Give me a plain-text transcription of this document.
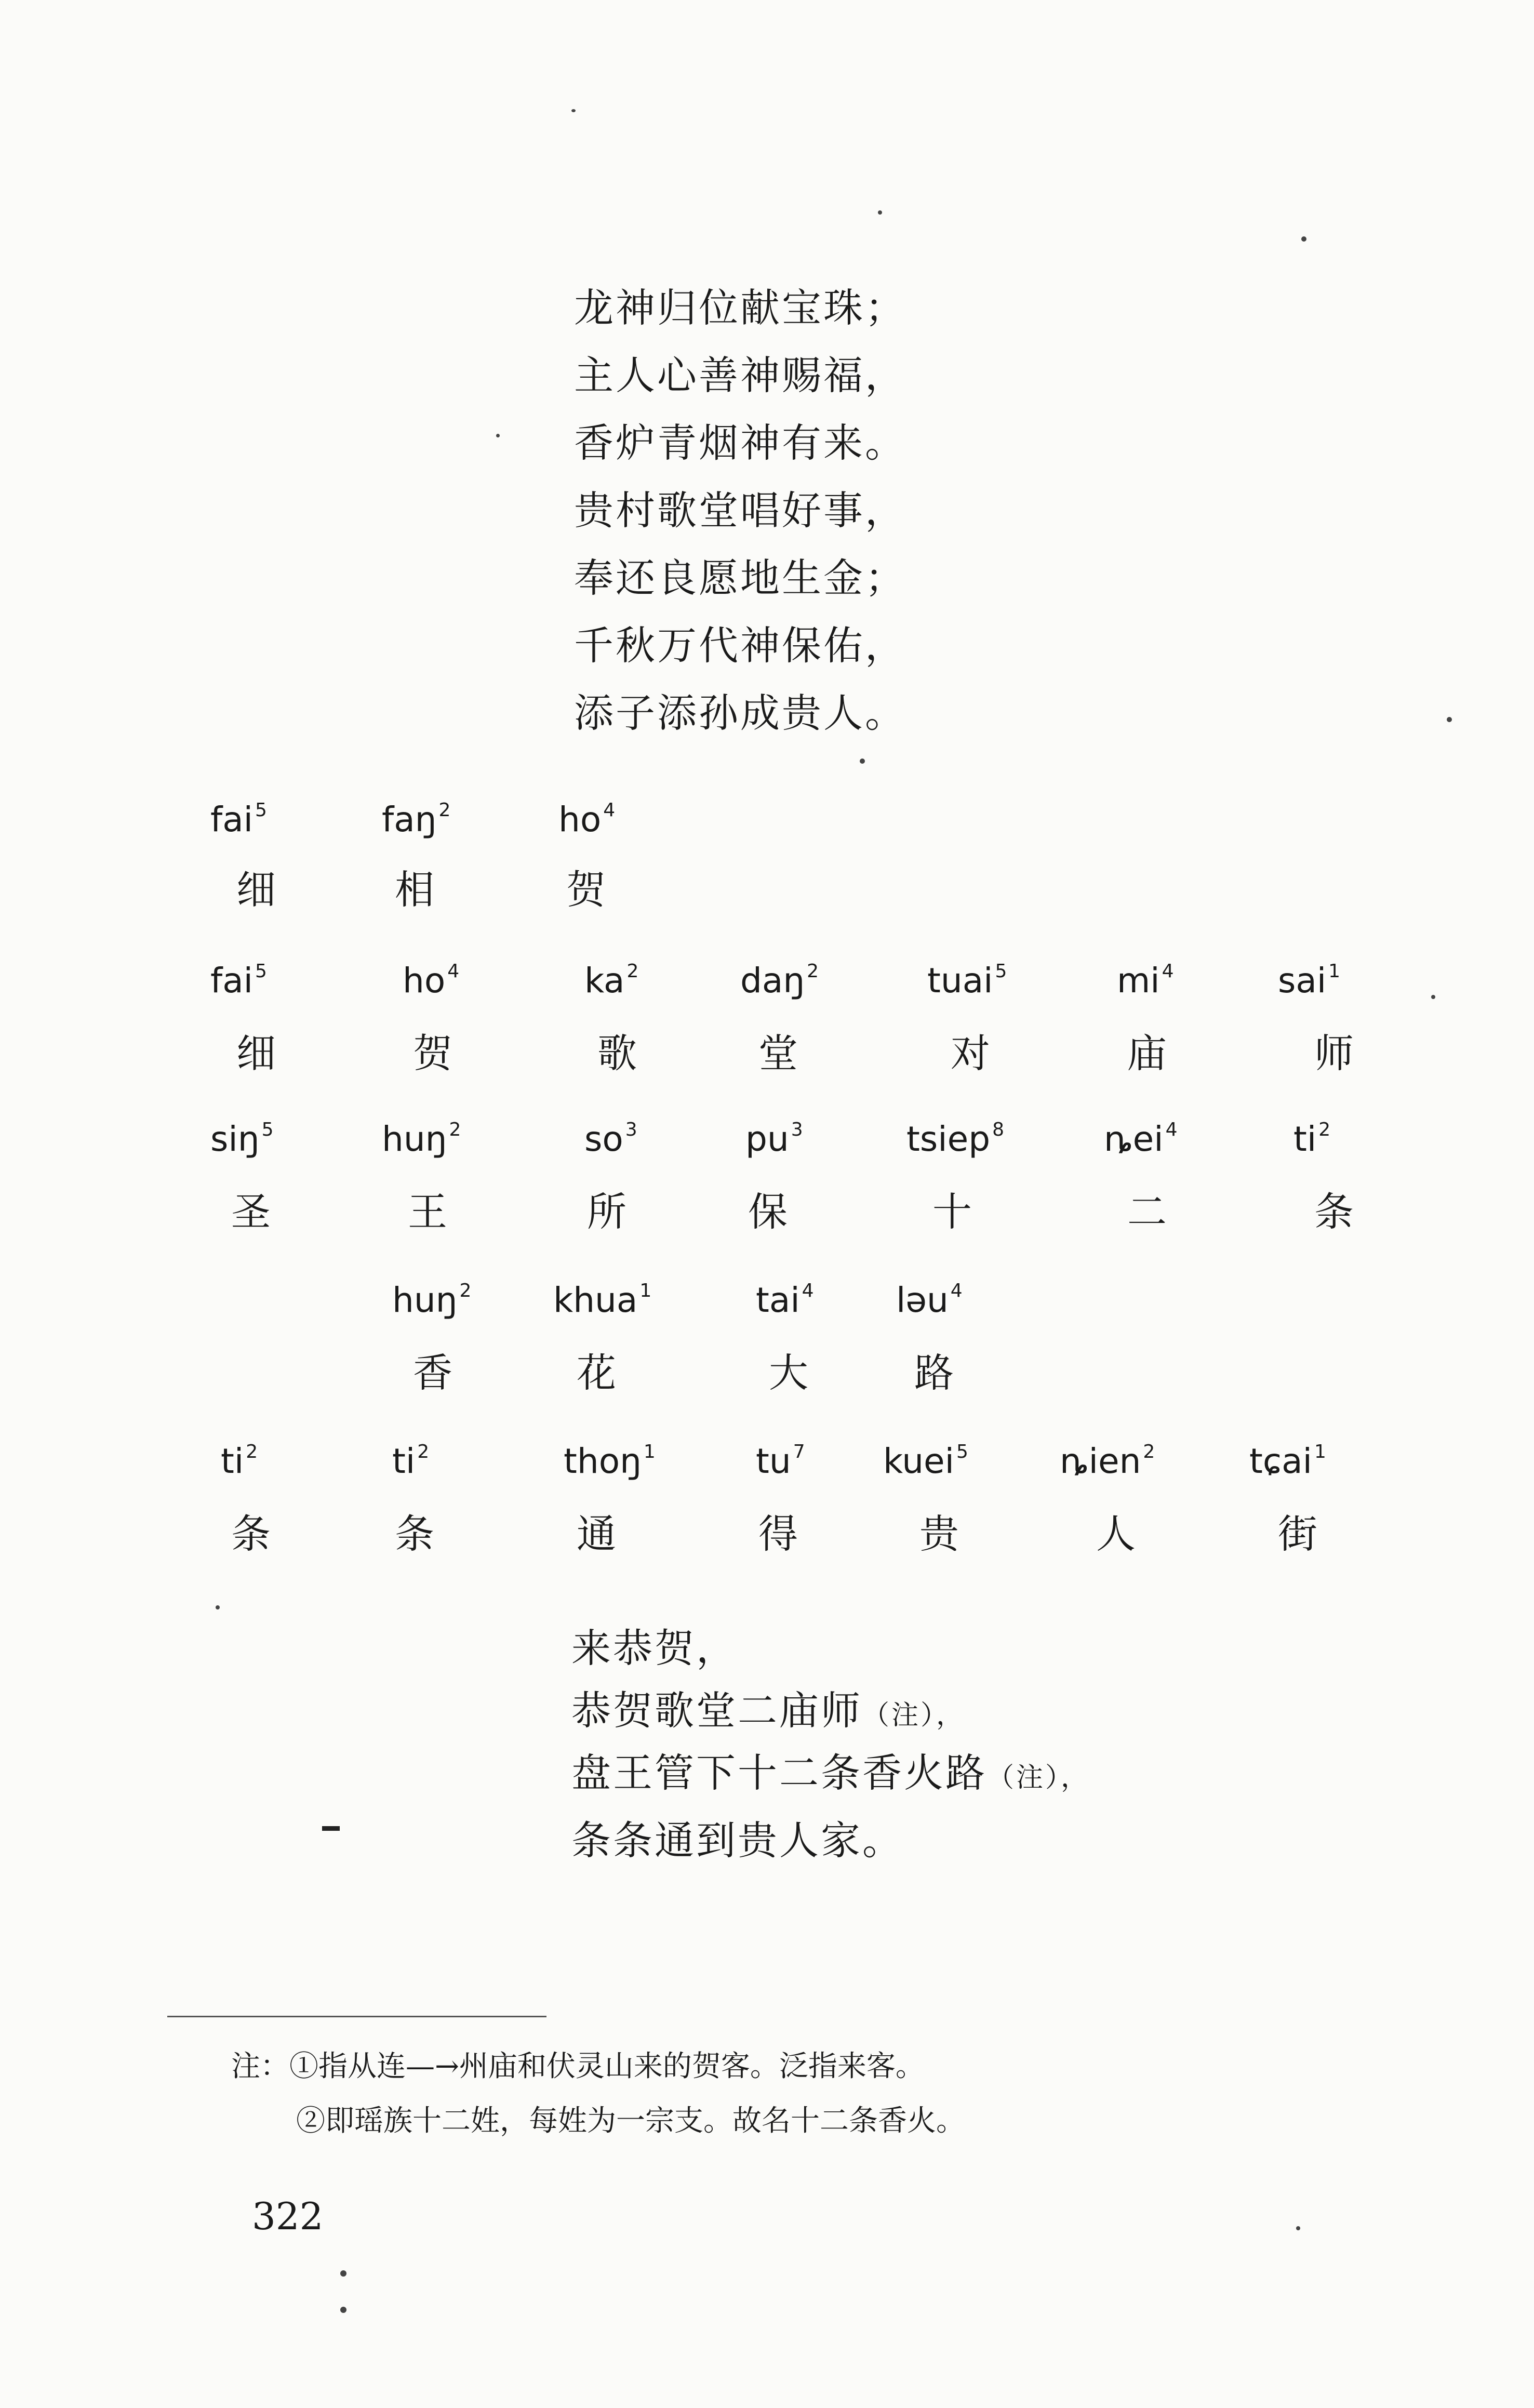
龙神归位献宝珠；
主人心善神赐福，
香炉青烟神有来。
贵村歌堂唱好事，
奉还良愿地生金；
千秋万代神保佑，
添子添孙成贵人。
fai $^5$
细
faŋ $^2$
相
ho $^4$
贺
fai $^5$
细
ho $^4$
贺
ka $^2$
歌
daŋ $^2$
堂
tuai $^5$
对
mi $^4$
庙
sai $^1$
师
siŋ $^5$
圣
huŋ $^2$
王
so $^3$
所
pu $^3$
保
tsiep $^8$
十
ȵei $^4$
二
ti $^2$
条
huŋ $^2$
香
khua $^1$
花
tai $^4$
大
ləu $^4$
路
ti $^2$
条
ti $^2$
条
thoŋ $^1$
通
tu $^7$
得
kuei $^5$
贵
ȵien $^2$
人
tɕai $^1$
街
来恭贺，
恭贺歌堂二庙师（注），
盘王管下十二条香火路（注），
条条通到贵人家。
注：①指从连—→州庙和伏灵山来的贺客。泛指来客。
②即瑶族十二姓，每姓为一宗支。故名十二条香火。
322
